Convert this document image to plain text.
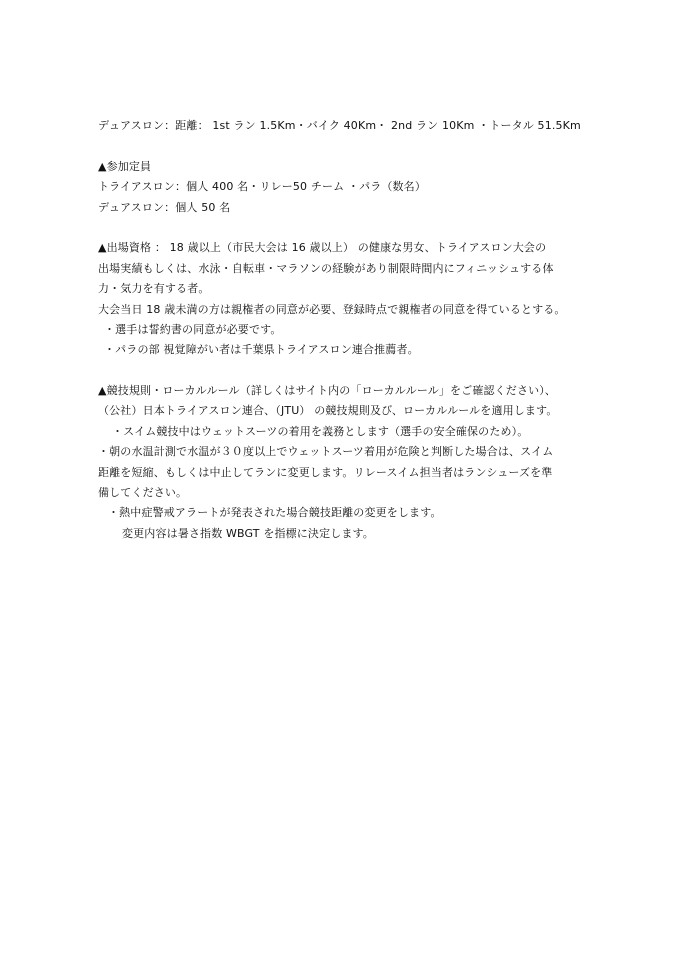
デュアスロン：距離： 1st ラン 1.5Km・バイク 40Km・ 2nd ラン 10Km ・トータル 51.5Km
▲参加定員
トライアスロン：個人 400 名・リレー50 チーム ・パラ（数名）
デュアスロン：個人 50 名
▲出場資格 ： 18 歳以上（市民大会は 16 歳以上） の健康な男女、トライアスロン大会の
出場実績もしくは、水泳・自転車・マラソンの経験があり制限時間内にフィニッシュする体
力・気力を有する者。
大会当日 18 歳未満の方は親権者の同意が必要、登録時点で親権者の同意を得ているとする。
・選手は誓約書の同意が必要です。
・パラの部 視覚障がい者は千葉県トライアスロン連合推薦者。
▲競技規則・ローカルルール（詳しくはサイト内の「ローカルルール」をご確認ください）、
（公社）日本トライアスロン連合、（JTU） の競技規則及び、ローカルルールを適用します。
・スイム競技中はウェットスーツの着用を義務とします（選手の安全確保のため）。
・朝の水温計測で水温が３０度以上でウェットスーツ着用が危険と判断した場合は、スイム
距離を短縮、もしくは中止してランに変更します。リレースイム担当者はランシューズを準
備してください。
・熱中症警戒アラートが発表された場合競技距離の変更をします。
変更内容は暑さ指数 WBGT を指標に決定します。
